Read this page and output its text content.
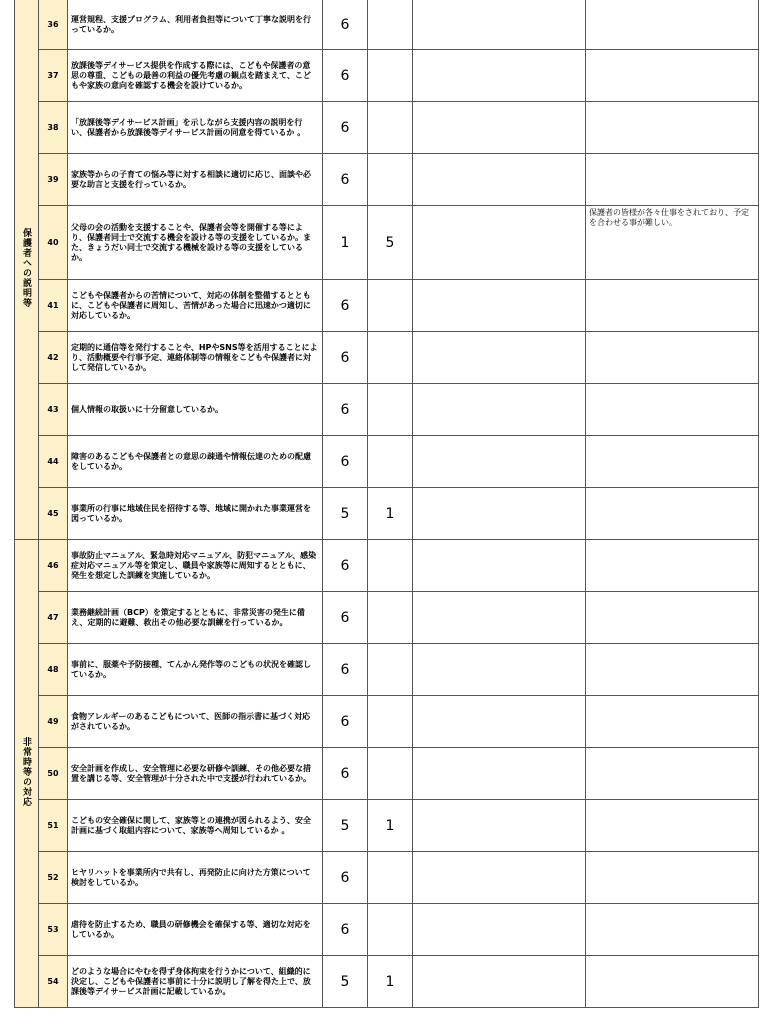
保護者への説明等	36	運営規程、支援プログラム、利用者負担等について丁寧な説明を行っているか。	6			
	37	放課後等デイサービス提供を作成する際には、こどもや保護者の意思の尊重、こどもの最善の利益の優先考慮の観点を踏まえて、こどもや家族の意向を確認する機会を設けているか。	6			
	38	「放課後等デイサービス計画」を示しながら支援内容の説明を行い、保護者から放課後等デイサービス計画の同意を得ているか 。	6			
	39	家族等からの子育ての悩み等に対する相談に適切に応じ、面談や必要な助言と支援を行っているか。	6			
	40	父母の会の活動を支援することや、保護者会等を開催する等により、保護者同士で交流する機会を設ける等の支援をしているか。また、きょうだい同士で交流する機械を設ける等の支援をしているか。	1	5		保護者の皆様が各々仕事をされており、予定を合わせる事が難しい。
	41	こどもや保護者からの苦情について、対応の体制を整備するとともに、こどもや保護者に周知し、苦情があった場合に迅速かつ適切に対応しているか。	6			
	42	定期的に通信等を発行することや、HPやSNS等を活用することにより、活動概要や行事予定、連絡体制等の情報をこどもや保護者に対して発信しているか。	6			
	43	個人情報の取扱いに十分留意しているか。	6			
	44	障害のあるこどもや保護者との意思の疎通や情報伝達のための配慮をしているか。	6			
	45	事業所の行事に地域住民を招待する等、地域に開かれた事業運営を図っているか。	5	1		
非常時等の対応	46	事故防止マニュアル、緊急時対応マニュアル、防犯マニュアル、感染症対応マニュアル等を策定し、職員や家族等に周知するとともに、発生を想定した訓練を実施しているか。	6			
	47	業務継続計画（BCP）を策定するとともに、非常災害の発生に備え、定期的に避難、救出その他必要な訓練を行っているか。	6			
	48	事前に、服薬や予防接種、てんかん発作等のこどもの状況を確認しているか。	6			
	49	食物アレルギーのあるこどもについて、医師の指示書に基づく対応がされているか。	6			
	50	安全計画を作成し、安全管理に必要な研修や訓練、その他必要な措置を講じる等、安全管理が十分された中で支援が行われているか。	6			
	51	こどもの安全確保に関して、家族等との連携が図られるよう、安全計画に基づく取組内容について、家族等へ周知しているか 。	5	1		
	52	ヒヤリハットを事業所内で共有し、再発防止に向けた方策について検討をしているか。	6			
	53	虐待を防止するため、職員の研修機会を確保する等、適切な対応をしているか。	6			
	54	どのような場合にやむを得ず身体拘束を行うかについて、組織的に決定し、こどもや保護者に事前に十分に説明し了解を得た上で、放課後等デイサービス計画に記載しているか。	5	1		
